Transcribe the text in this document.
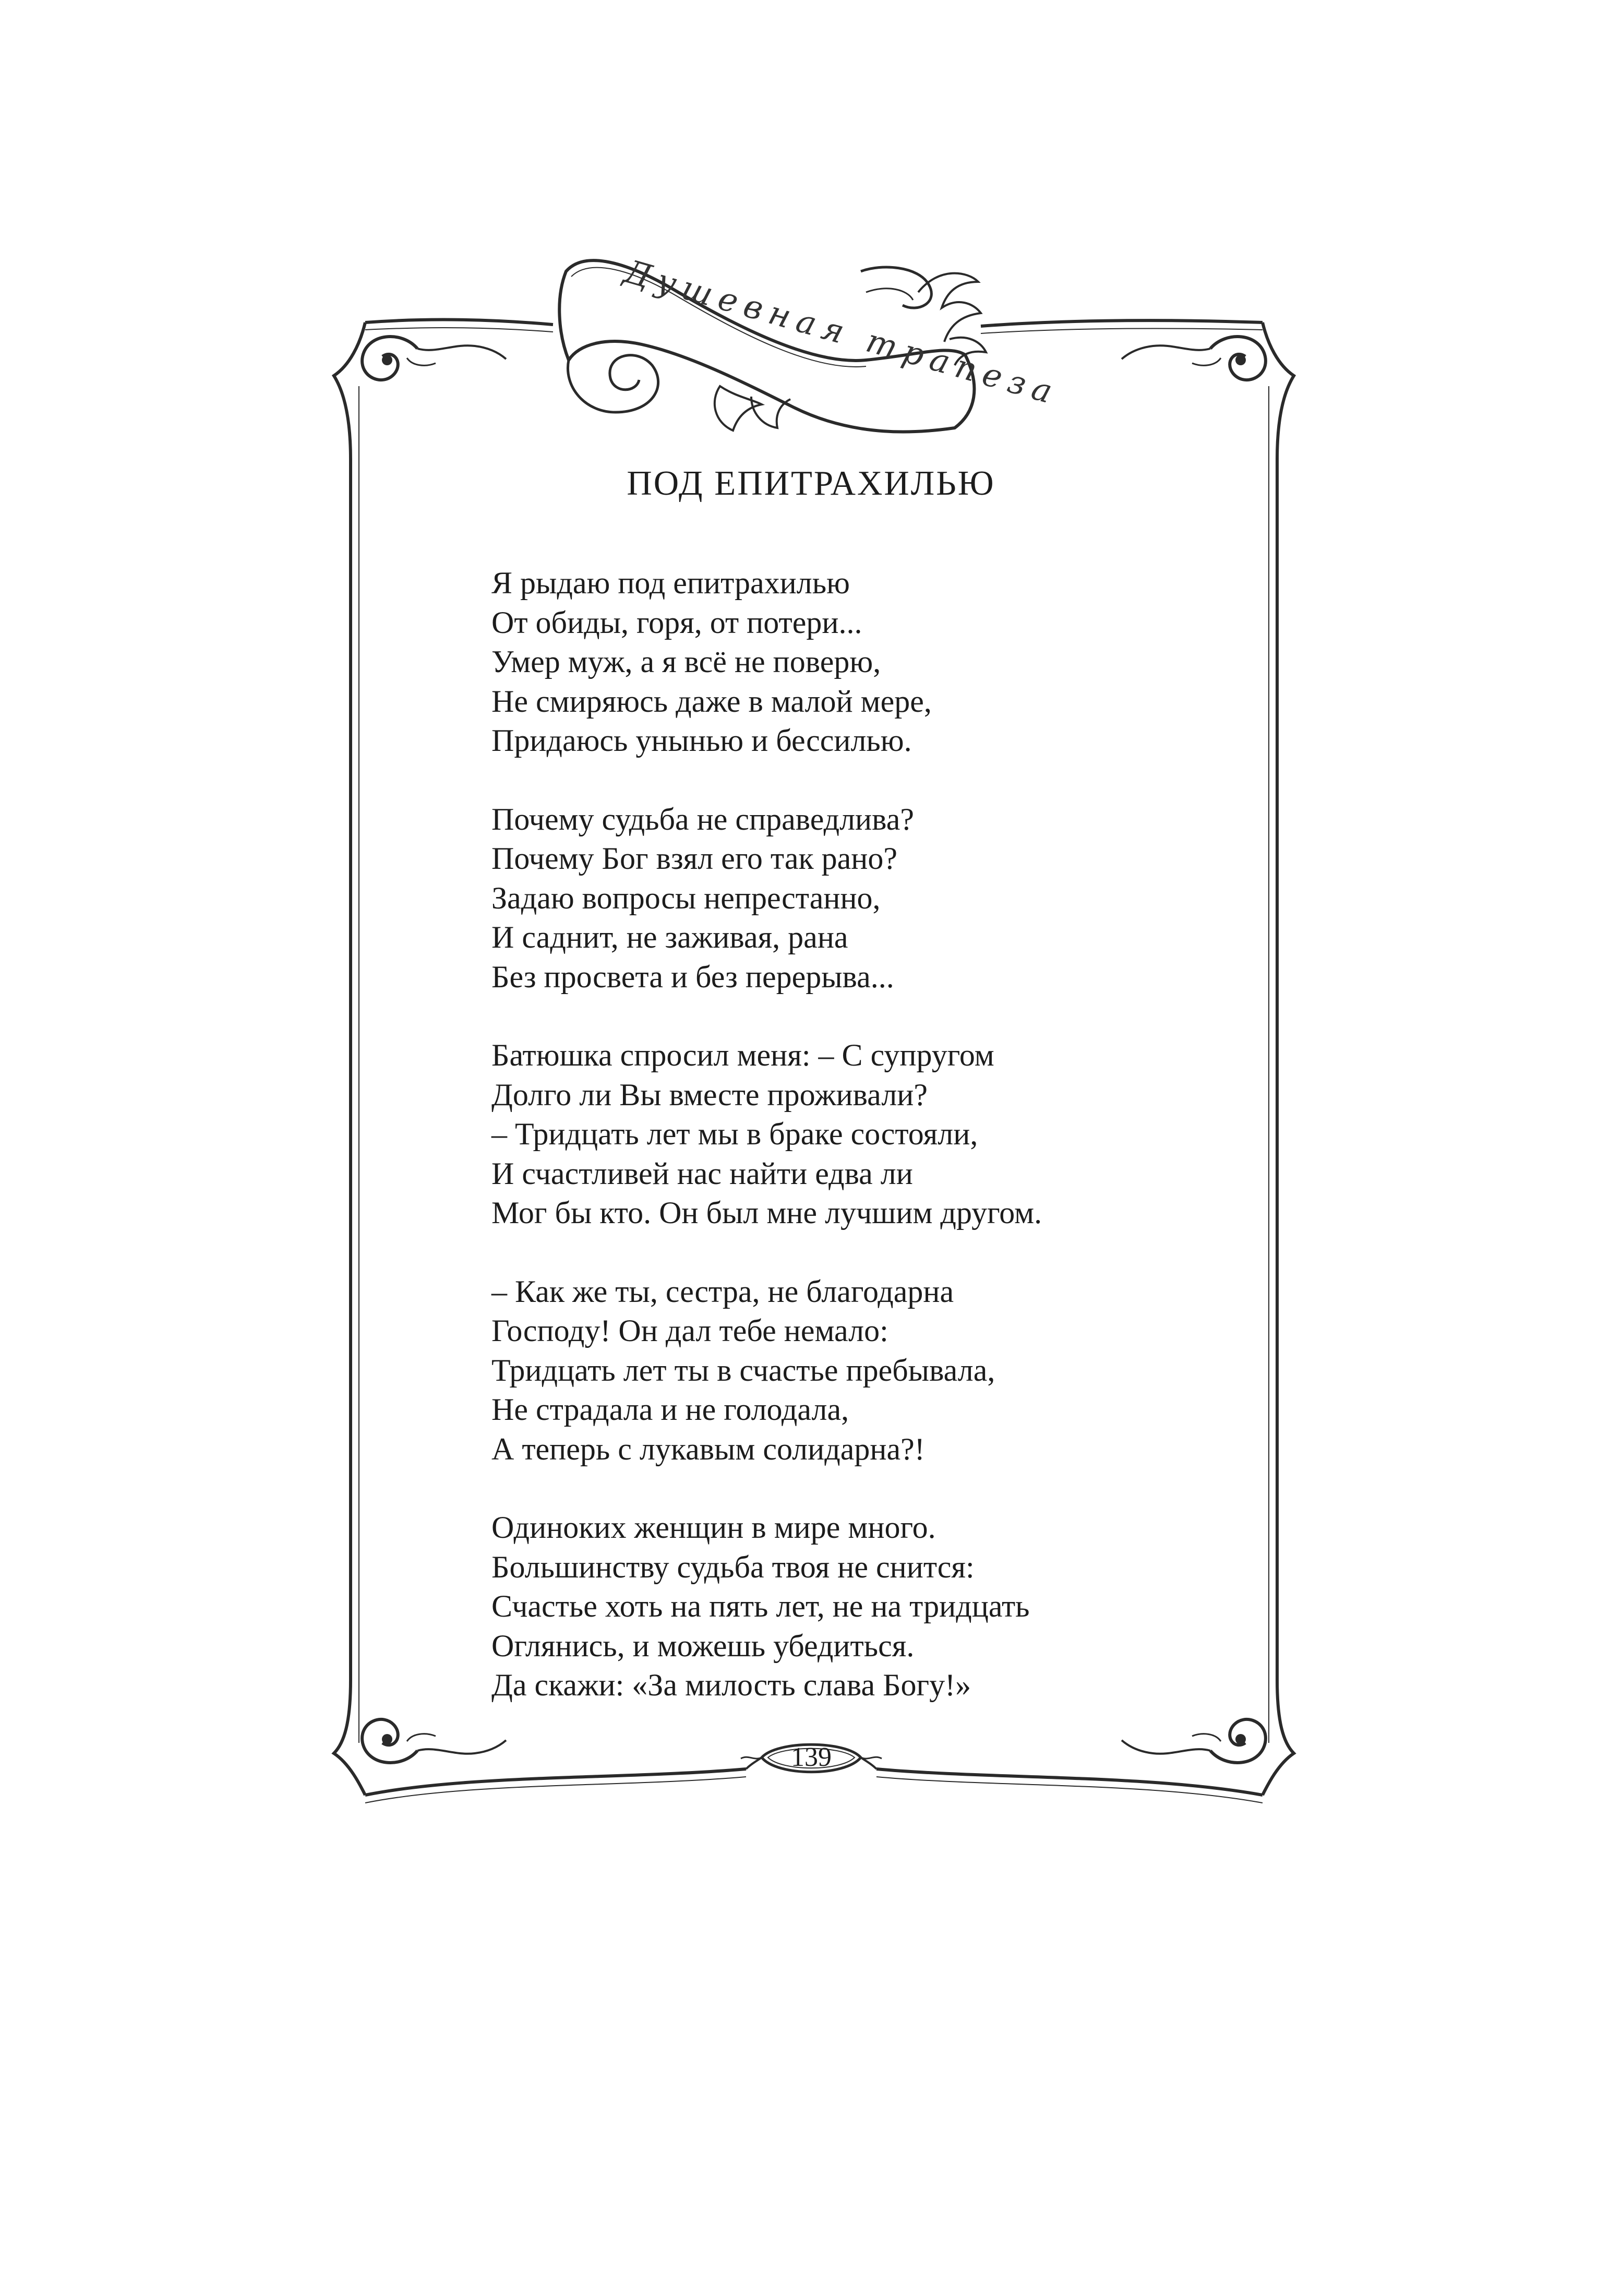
Душевная трапеза
ПОД ЕПИТРАХИЛЬЮ
Я рыдаю под епитрахилью
От обиды, горя, от потери...
Умер муж, а я всё не поверю,
Не смиряюсь даже в малой мере,
Придаюсь унынью и бессилью.
Почему судьба не справедлива?
Почему Бог взял его так рано?
Задаю вопросы непрестанно,
И саднит, не заживая, рана
Без просвета и без перерыва...
Батюшка спросил меня: – С супругом
Долго ли Вы вместе проживали?
– Тридцать лет мы в браке состояли,
И счастливей нас найти едва ли
Мог бы кто. Он был мне лучшим другом.
– Как же ты, сестра, не благодарна
Господу! Он дал тебе немало:
Тридцать лет ты в счастье пребывала,
Не страдала и не голодала,
А теперь с лукавым солидарна?!
Одиноких женщин в мире много.
Большинству судьба твоя не снится:
Счастье хоть на пять лет, не на тридцать
Оглянись, и можешь убедиться.
Да скажи: «За милость слава Богу!»
139
